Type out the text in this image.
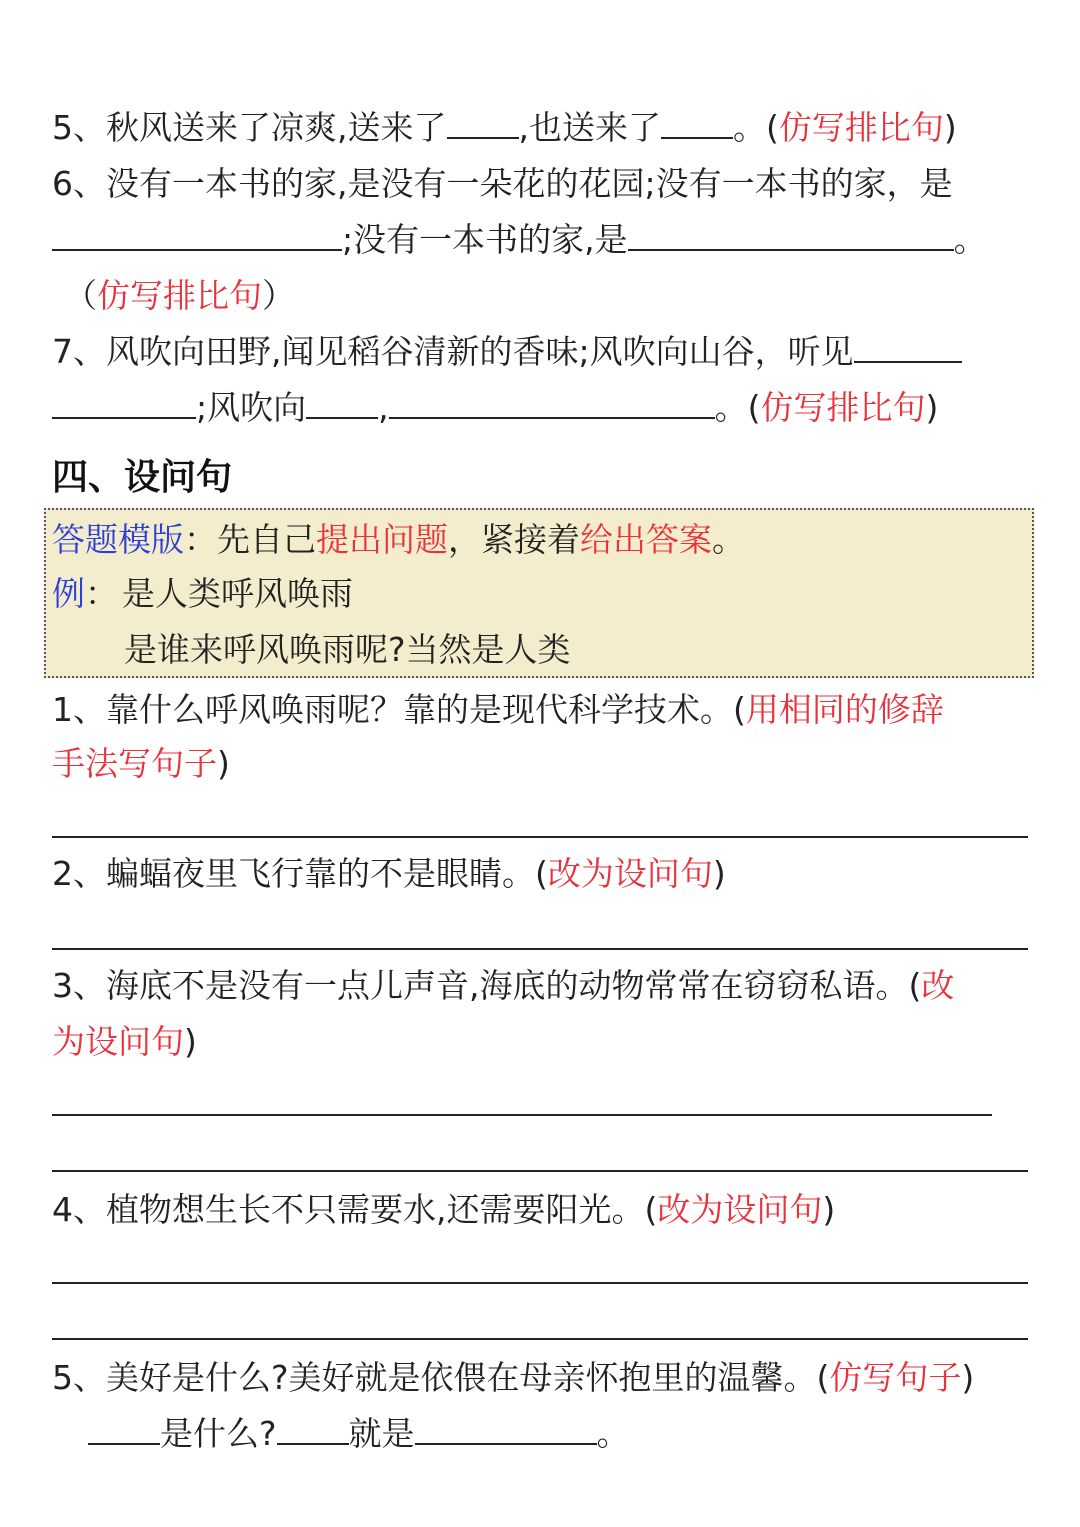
5、秋风送来了凉爽,送来了 ,也送来了 。(仿写排比句)
6、没有一本书的家,是没有一朵花的花园;没有一本书的家，是
;没有一本书的家,是	。
（仿写排比句）
7、风吹向田野,闻见稻谷清新的香味;风吹向山谷，听见
;风吹向 ,	。(仿写排比句)
四、设问句
答题模版：先自己提出问题，紧接着给出答案。
例： 是人类呼风唤雨
是谁来呼风唤雨呢?当然是人类
1、靠什么呼风唤雨呢？靠的是现代科学技术。(用相同的修辞
手法写句子)
2、蝙蝠夜里飞行靠的不是眼睛。(改为设问句)
3、海底不是没有一点儿声音,海底的动物常常在窃窃私语。(改
为设问句)
4、植物想生长不只需要水,还需要阳光。(改为设问句)
5、美好是什么?美好就是依偎在母亲怀抱里的温馨。(仿写句子)
是什么? 就是	。
